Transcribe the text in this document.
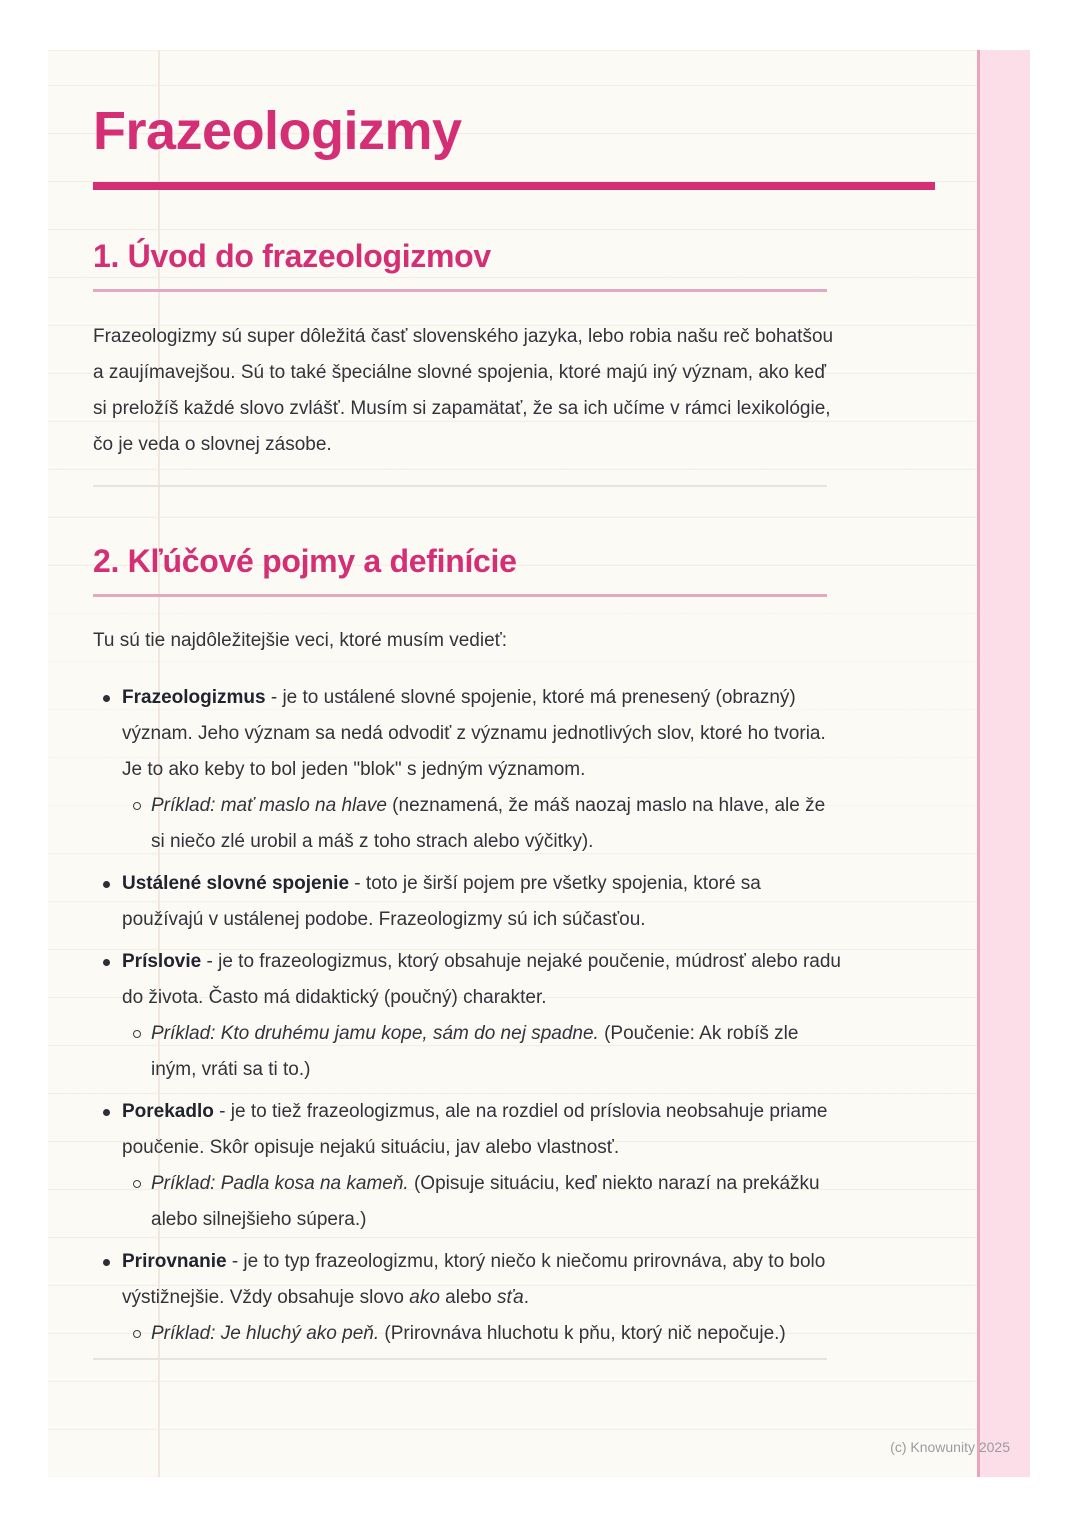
Frazeologizmy
1. Úvod do frazeologizmov

Frazeologizmy sú super dôležitá časť slovenského jazyka, lebo robia našu reč bohatšou a zaujímavejšou. Sú to také špeciálne slovné spojenia, ktoré majú iný význam, ako keď si preložíš každé slovo zvlášť. Musím si zapamätať, že sa ich učíme v rámci lexikológie, čo je veda o slovnej zásobe.

2. Kľúčové pojmy a definície

Tu sú tie najdôležitejšie veci, ktoré musím vedieť:

Frazeologizmus - je to ustálené slovné spojenie, ktoré má prenesený (obrazný) význam. Jeho význam sa nedá odvodiť z významu jednotlivých slov, ktoré ho tvoria. Je to ako keby to bol jeden "blok" s jedným významom.
Príklad: mať maslo na hlave (neznamená, že máš naozaj maslo na hlave, ale že si niečo zlé urobil a máš z toho strach alebo výčitky).
Ustálené slovné spojenie - toto je širší pojem pre všetky spojenia, ktoré sa používajú v ustálenej podobe. Frazeologizmy sú ich súčasťou.
Príslovie - je to frazeologizmus, ktorý obsahuje nejaké poučenie, múdrosť alebo radu do života. Často má didaktický (poučný) charakter.
Príklad: Kto druhému jamu kope, sám do nej spadne. (Poučenie: Ak robíš zle iným, vráti sa ti to.)
Porekadlo - je to tiež frazeologizmus, ale na rozdiel od príslovia neobsahuje priame poučenie. Skôr opisuje nejakú situáciu, jav alebo vlastnosť.
Príklad: Padla kosa na kameň. (Opisuje situáciu, keď niekto narazí na prekážku alebo silnejšieho súpera.)
Prirovnanie - je to typ frazeologizmu, ktorý niečo k niečomu prirovnáva, aby to bolo výstižnejšie. Vždy obsahuje slovo ako alebo sťa.
Príklad: Je hluchý ako peň. (Prirovnáva hluchotu k pňu, ktorý nič nepočuje.)
(c) Knowunity 2025
